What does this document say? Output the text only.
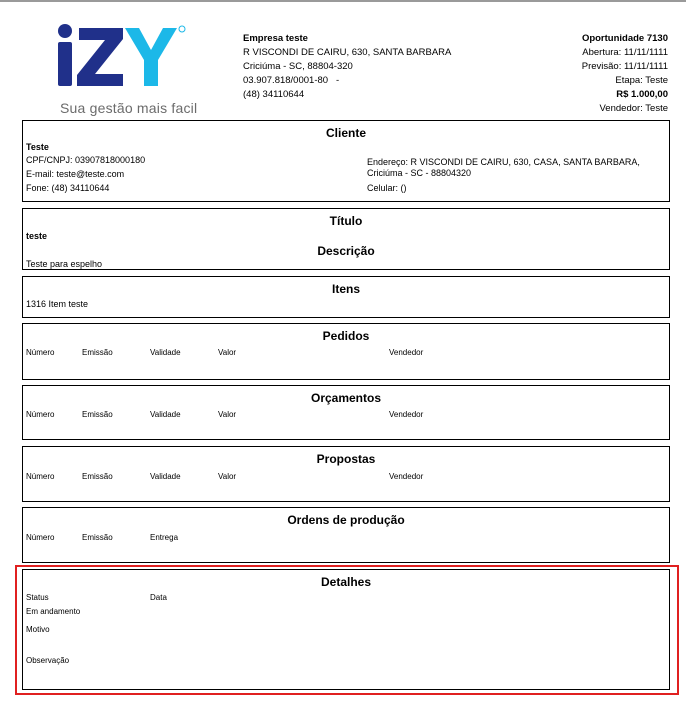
Sua gestão mais facil
Empresa teste
R VISCONDI DE CAIRU, 630, SANTA BARBARA
Criciúma - SC, 88804-320
03.907.818/0001-80   -
(48) 34110644
Oportunidade 7130
Abertura: 11/11/1111
Previsão: 11/11/1111
Etapa: Teste
R$ 1.000,00
Vendedor: Teste
Cliente
Teste
CPF/CNPJ: 03907818000180
E-mail: teste@teste.com
Fone: (48) 34110644
Endereço: R VISCONDI DE CAIRU, 630, CASA, SANTA BARBARA,
Criciúma - SC - 88804320
Celular: ()
Título
teste
Descrição
Teste para espelho
Itens
1316 Item teste
Pedidos
Número	Emissão	Validade	Valor	Vendedor
Orçamentos
Número	Emissão	Validade	Valor	Vendedor
Propostas
Número	Emissão	Validade	Valor	Vendedor
Ordens de produção
Número	Emissão	Entrega
Detalhes
Status	Data
Em andamento
Motivo
Observação
